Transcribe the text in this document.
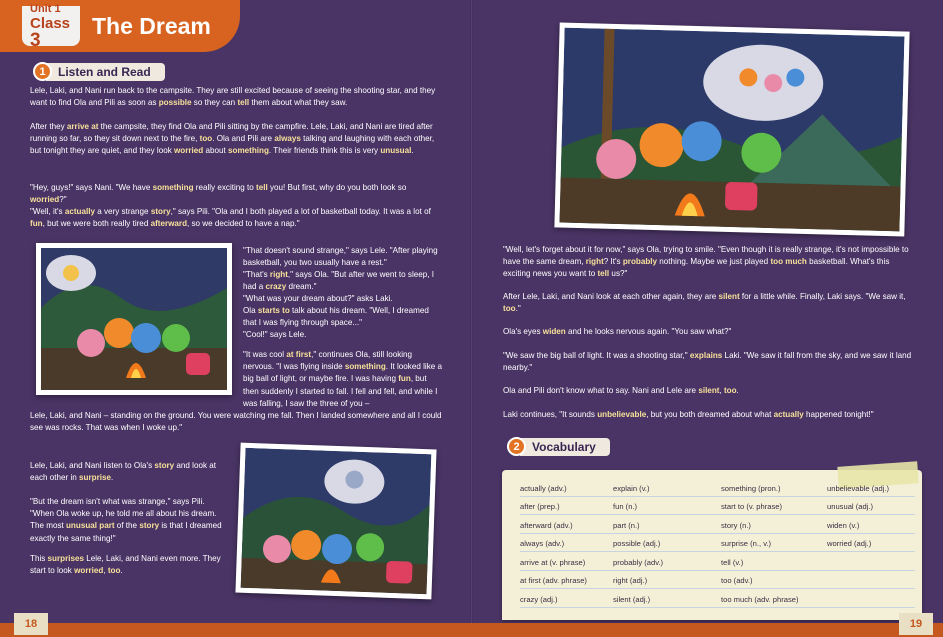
Unit 1
Class 3
The Dream
1	Listen and Read

Lele, Laki, and Nani run back to the campsite. They are still excited because of seeing the shooting star, and they want to find Ola and Pili as soon as possible so they can tell them about what they saw.

After they arrive at the campsite, they find Ola and Pili sitting by the campfire. Lele, Laki, and Nani are tired after running so far, so they sit down next to the fire, too. Ola and Pili are always talking and laughing with each other, but tonight they are quiet, and they look worried about something. Their friends think this is very unusual.

"Hey, guys!" says Nani. "We have something really exciting to tell you! But first, why do you both look so worried?"

"Well, it's actually a very strange story," says Pili. "Ola and I both played a lot of basketball today. It was a lot of fun, but we were both really tired afterward, so we decided to have a nap."

"That doesn't sound strange," says Lele. "After playing basketball, you two usually have a rest."

"That's right," says Ola. "But after we went to sleep, I had a crazy dream."

"What was your dream about?" asks Laki.

Ola starts to talk about his dream. "Well, I dreamed that I was flying through space..."

"Cool!" says Lele.

"It was cool at first," continues Ola, still looking nervous. "I was flying inside something. It looked like a big ball of light, or maybe fire. I was having fun, but then suddenly I started to fall. I fell and fell, and while I was falling, I saw the three of you –

Lele, Laki, and Nani – standing on the ground. You were watching me fall. Then I landed somewhere and all I could see was rocks. That was when I woke up."

Lele, Laki, and Nani listen to Ola's story and look at each other in surprise.

"But the dream isn't what was strange," says Pili. "When Ola woke up, he told me all about his dream. The most unusual part of the story is that I dreamed exactly the same thing!"

This surprises Lele, Laki, and Nani even more. They start to look worried, too.

"Well, let's forget about it for now," says Ola, trying to smile. "Even though it is really strange, it's not impossible to have the same dream, right? It's probably nothing. Maybe we just played too much basketball. What's this exciting news you want to tell us?"

After Lele, Laki, and Nani look at each other again, they are silent for a little while. Finally, Laki says. "We saw it, too."

Ola's eyes widen and he looks nervous again. "You saw what?"

"We saw the big ball of light. It was a shooting star," explains Laki. "We saw it fall from the sky, and we saw it land nearby."

Ola and Pili don't know what to say. Nani and Lele are silent, too.

Laki continues, "It sounds unbelievable, but you both dreamed about what actually happened tonight!"

2	Vocabulary
actually (adv.)	explain (v.)	something (pron.)	unbelievable (adj.)
after (prep.)	fun (n.)	start to (v. phrase)	unusual (adj.)
afterward (adv.)	part (n.)	story (n.)	widen (v.)
always (adv.)	possible (adj.)	surprise (n., v.)	worried (adj.)
arrive at (v. phrase)	probably (adv.)	tell (v.)
at first (adv. phrase)	right (adj.)	too (adv.)
crazy (adj.)	silent (adj.)	too much (adv. phrase)
18	19
